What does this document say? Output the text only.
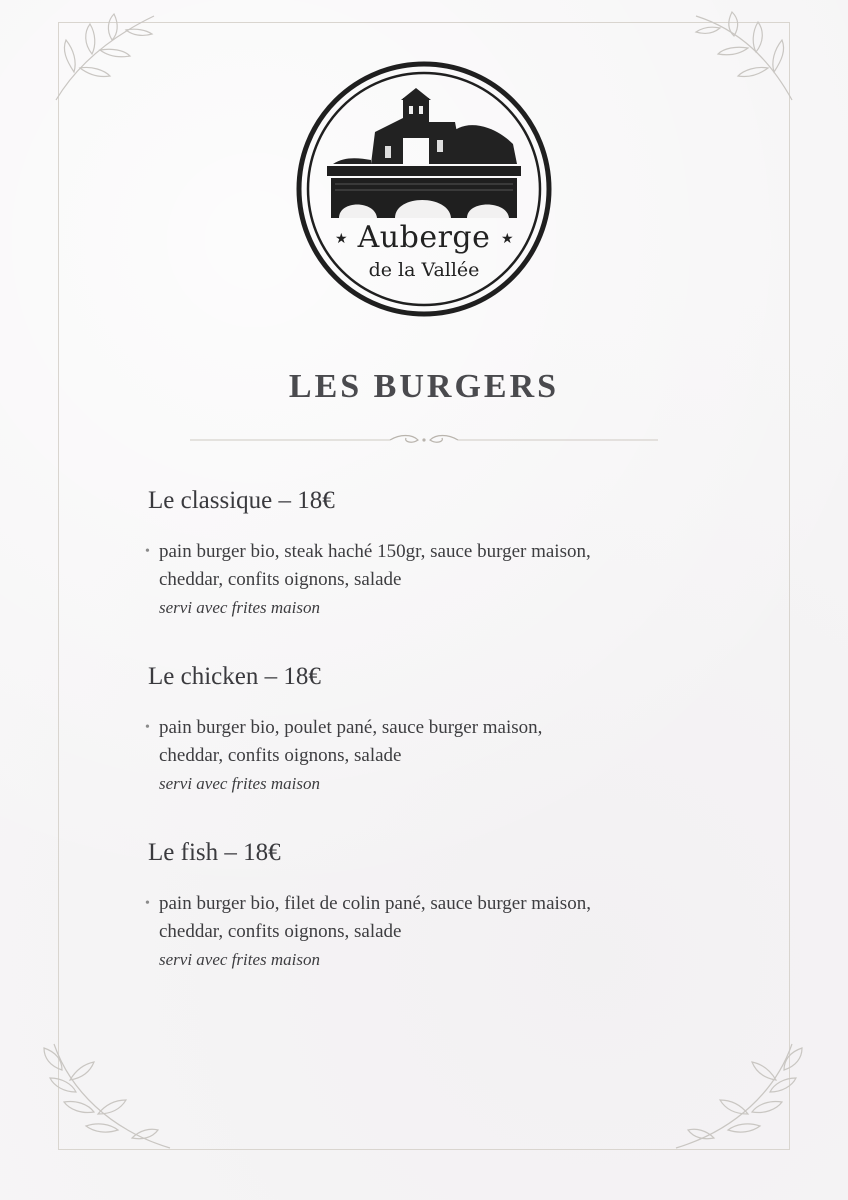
★	★
Auberge
de la Vallée
LES BURGERS
Le classique – 18€
• pain burger bio, steak haché 150gr, sauce burger maison,
cheddar, confits oignons, salade
servi avec frites maison
Le chicken – 18€
• pain burger bio, poulet pané, sauce burger maison,
cheddar, confits oignons, salade
servi avec frites maison
Le fish – 18€
• pain burger bio, filet de colin pané, sauce burger maison,
cheddar, confits oignons, salade
servi avec frites maison
